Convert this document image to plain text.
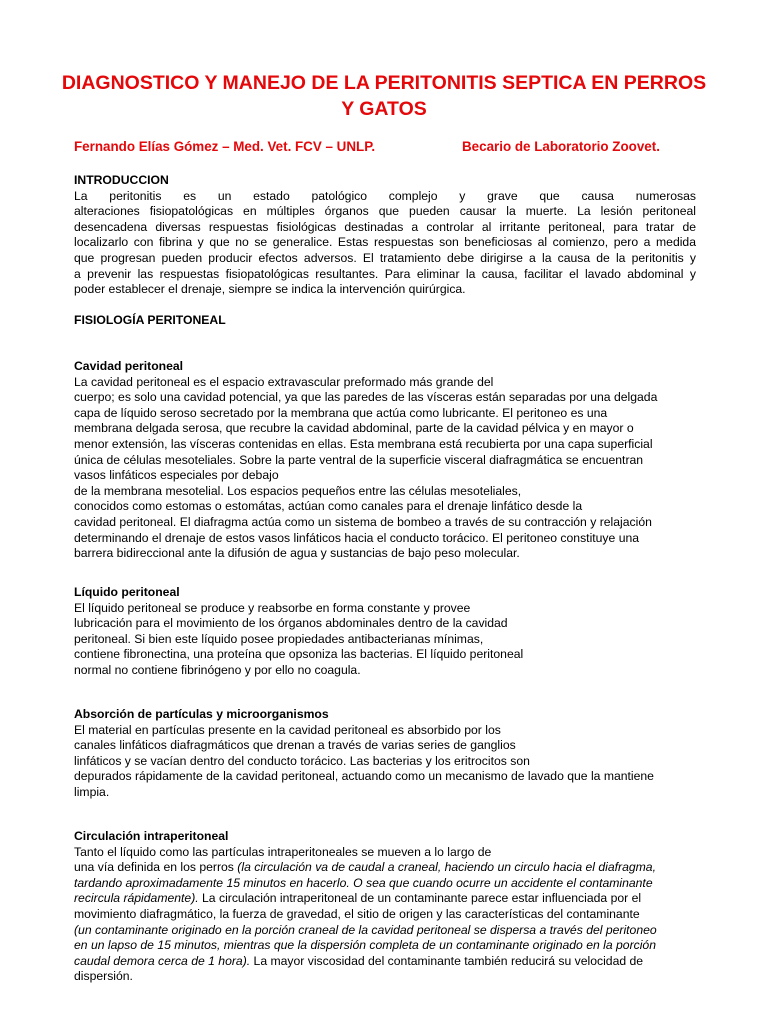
DIAGNOSTICO Y MANEJO DE LA PERITONITIS SEPTICA EN PERROS Y GATOS
Fernando Elías Gómez – Med. Vet. FCV – UNLP.	Becario de Laboratorio Zoovet.
INTRODUCCION
La peritonitis es un estado patológico complejo y grave que causa numerosas
alteraciones fisiopatológicas en múltiples órganos que pueden causar la muerte. La lesión peritoneal
desencadena diversas respuestas fisiológicas destinadas a controlar al irritante peritoneal, para tratar de
localizarlo con fibrina y que no se generalice. Estas respuestas son beneficiosas al comienzo, pero a medida
que progresan pueden producir efectos adversos. El tratamiento debe dirigirse a la causa de la peritonitis y
a prevenir las respuestas fisiopatológicas resultantes. Para eliminar la causa, facilitar el lavado abdominal y
poder establecer el drenaje, siempre se indica la intervención quirúrgica.
FISIOLOGÍA PERITONEAL
Cavidad peritoneal
La cavidad peritoneal es el espacio extravascular preformado más grande del
cuerpo; es solo una cavidad potencial, ya que las paredes de las vísceras están separadas por una delgada
capa de líquido seroso secretado por la membrana que actúa como lubricante. El peritoneo es una
membrana delgada serosa, que recubre la cavidad abdominal, parte de la cavidad pélvica y en mayor o
menor extensión, las vísceras contenidas en ellas. Esta membrana está recubierta por una capa superficial
única de células mesoteliales. Sobre la parte ventral de la superficie visceral diafragmática se encuentran
vasos linfáticos especiales por debajo
de la membrana mesotelial. Los espacios pequeños entre las células mesoteliales,
conocidos como estomas o estomátas, actúan como canales para el drenaje linfático desde la
cavidad peritoneal. El diafragma actúa como un sistema de bombeo a través de su contracción y relajación
determinando el drenaje de estos vasos linfáticos hacia el conducto torácico. El peritoneo constituye una
barrera bidireccional ante la difusión de agua y sustancias de bajo peso molecular.
Líquido peritoneal
El líquido peritoneal se produce y reabsorbe en forma constante y provee
lubricación para el movimiento de los órganos abdominales dentro de la cavidad
peritoneal. Si bien este líquido posee propiedades antibacterianas mínimas,
contiene fibronectina, una proteína que opsoniza las bacterias. El líquido peritoneal
normal no contiene fibrinógeno y por ello no coagula.
Absorción de partículas y microorganismos
El material en partículas presente en la cavidad peritoneal es absorbido por los
canales linfáticos diafragmáticos que drenan a través de varias series de ganglios
linfáticos y se vacían dentro del conducto torácico. Las bacterias y los eritrocitos son
depurados rápidamente de la cavidad peritoneal, actuando como un mecanismo de lavado que la mantiene
limpia.
Circulación intraperitoneal
Tanto el líquido como las partículas intraperitoneales se mueven a lo largo de
una vía definida en los perros (la circulación va de caudal a craneal, haciendo un circulo hacia el diafragma,
tardando aproximadamente 15 minutos en hacerlo. O sea que cuando ocurre un accidente el contaminante
recircula rápidamente). La circulación intraperitoneal de un contaminante parece estar influenciada por el
movimiento diafragmático, la fuerza de gravedad, el sitio de origen y las características del contaminante
(un contaminante originado en la porción craneal de la cavidad peritoneal se dispersa a través del peritoneo
en un lapso de 15 minutos, mientras que la dispersión completa de un contaminante originado en la porción
caudal demora cerca de 1 hora). La mayor viscosidad del contaminante también reducirá su velocidad de
dispersión.
